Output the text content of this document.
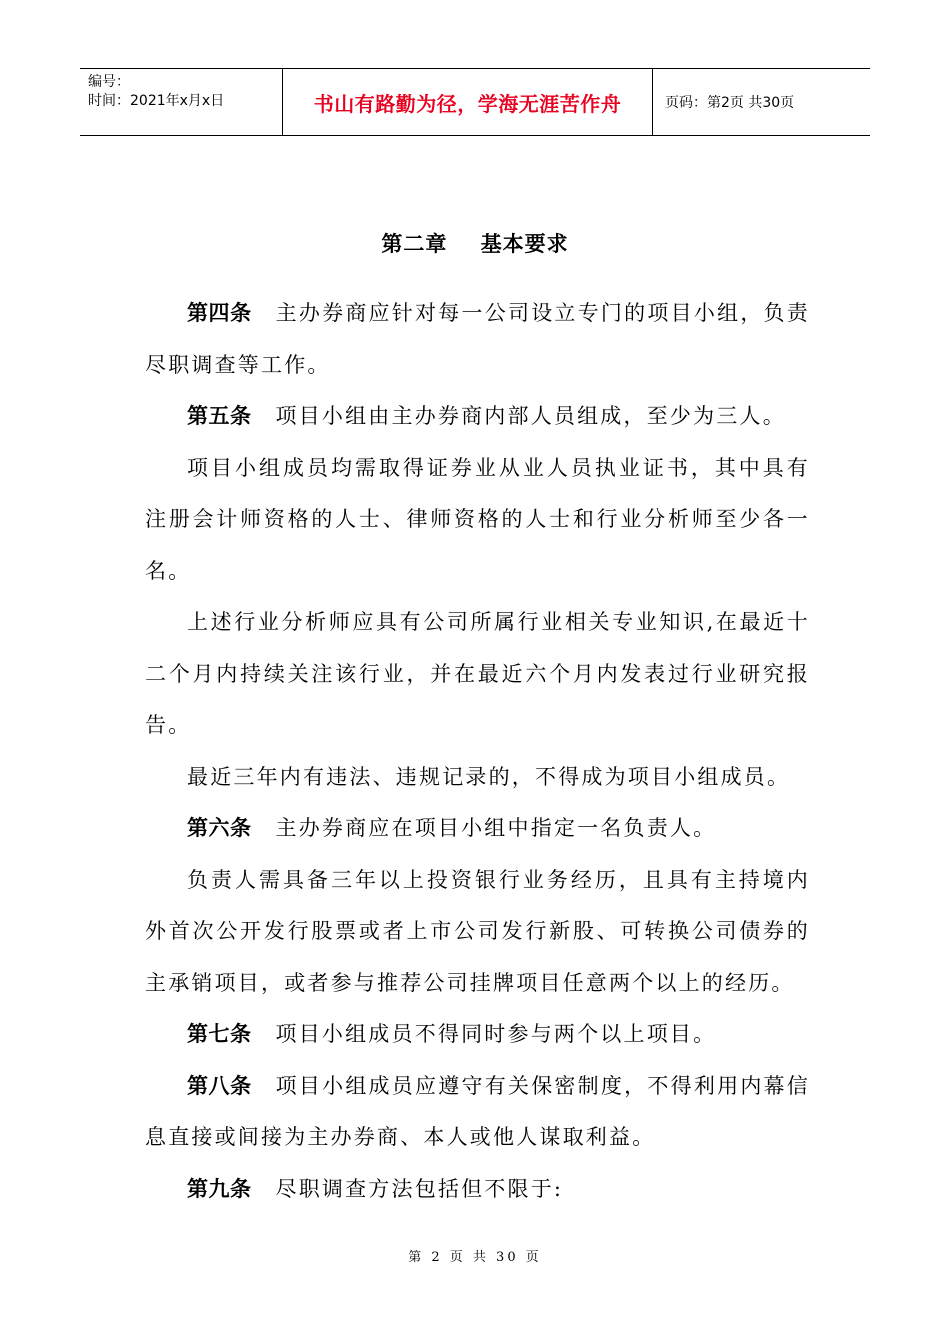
编号：
时间：2021年x月x日	书山有路勤为径，学海无涯苦作舟	页码：第2页 共30页
第二章    基本要求

第四条 主办券商应针对每一公司设立专门的项目小组，负责尽职调查等工作。

第五条 项目小组由主办券商内部人员组成，至少为三人。

项目小组成员均需取得证券业从业人员执业证书，其中具有注册会计师资格的人士、律师资格的人士和行业分析师至少各一名。

上述行业分析师应具有公司所属行业相关专业知识,在最近十二个月内持续关注该行业，并在最近六个月内发表过行业研究报告。

最近三年内有违法、违规记录的，不得成为项目小组成员。

第六条 主办券商应在项目小组中指定一名负责人。

负责人需具备三年以上投资银行业务经历，且具有主持境内外首次公开发行股票或者上市公司发行新股、可转换公司债券的主承销项目，或者参与推荐公司挂牌项目任意两个以上的经历。

第七条 项目小组成员不得同时参与两个以上项目。

第八条 项目小组成员应遵守有关保密制度，不得利用内幕信息直接或间接为主办券商、本人或他人谋取利益。

第九条 尽职调查方法包括但不限于:

第 2 页 共 30 页
